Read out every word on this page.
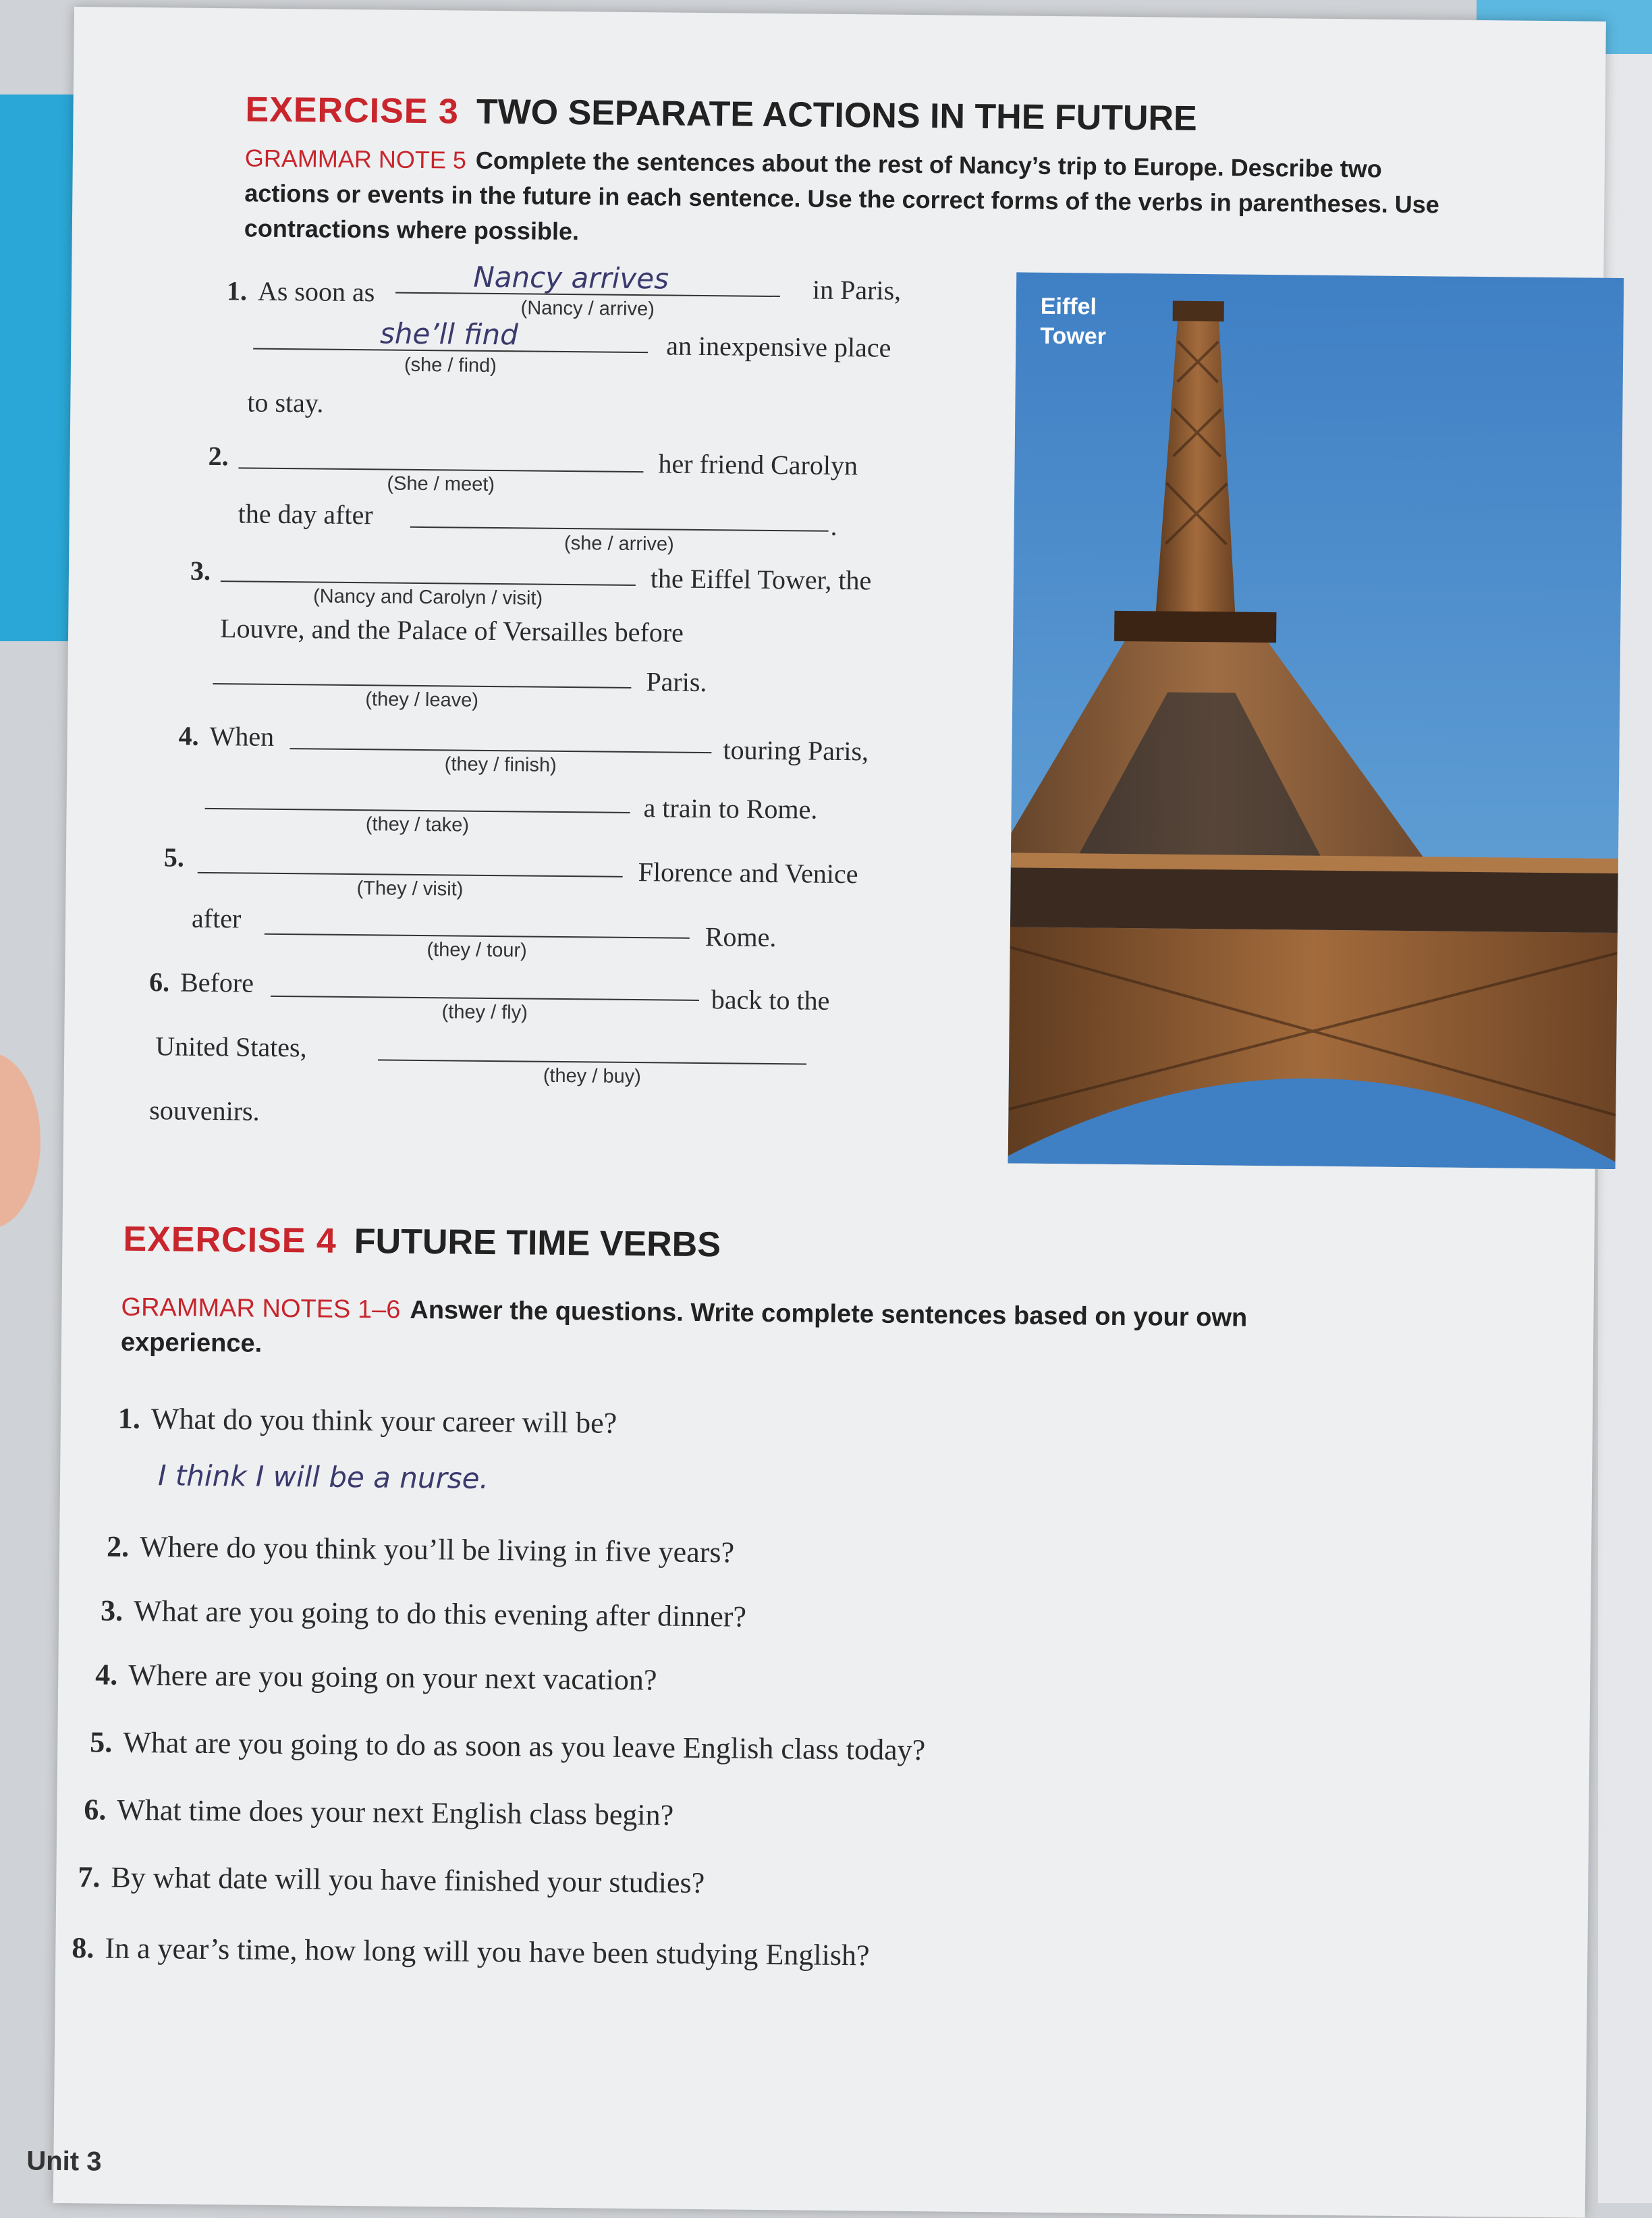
EXERCISE 3 TWO SEPARATE ACTIONS IN THE FUTURE
GRAMMAR NOTE 5 Complete the sentences about the rest of Nancy’s trip to Europe. Describe two actions or events in the future in each sentence. Use the correct forms of the verbs in parentheses. Use contractions where possible.
1. As soon as	Nancy arrives
(Nancy / arrive)
in Paris,
she’ll find
(she / find)
an inexpensive place
to stay.
2.
(She / meet)
her friend Carolyn
the day after
(she / arrive)
.
3.
(Nancy and Carolyn / visit)
the Eiffel Tower, the
Louvre, and the Palace of Versailles before
(they / leave)
Paris.
4. When
(they / finish)	touring Paris,
(they / take)
a train to Rome.
5.
(They / visit)	Florence and Venice
after
(they / tour)	Rome.
6. Before
(they / fly)	back to the
United States,
(they / buy)
souvenirs.
Eiffel
Tower
EXERCISE 4 FUTURE TIME VERBS
GRAMMAR NOTES 1–6 Answer the questions. Write complete sentences based on your own experience.
1. What do you think your career will be?
I think I will be a nurse.
2. Where do you think you’ll be living in five years?
3. What are you going to do this evening after dinner?
4. Where are you going on your next vacation?
5. What are you going to do as soon as you leave English class today?
6. What time does your next English class begin?
7. By what date will you have finished your studies?
8. In a year’s time, how long will you have been studying English?
Unit 3
